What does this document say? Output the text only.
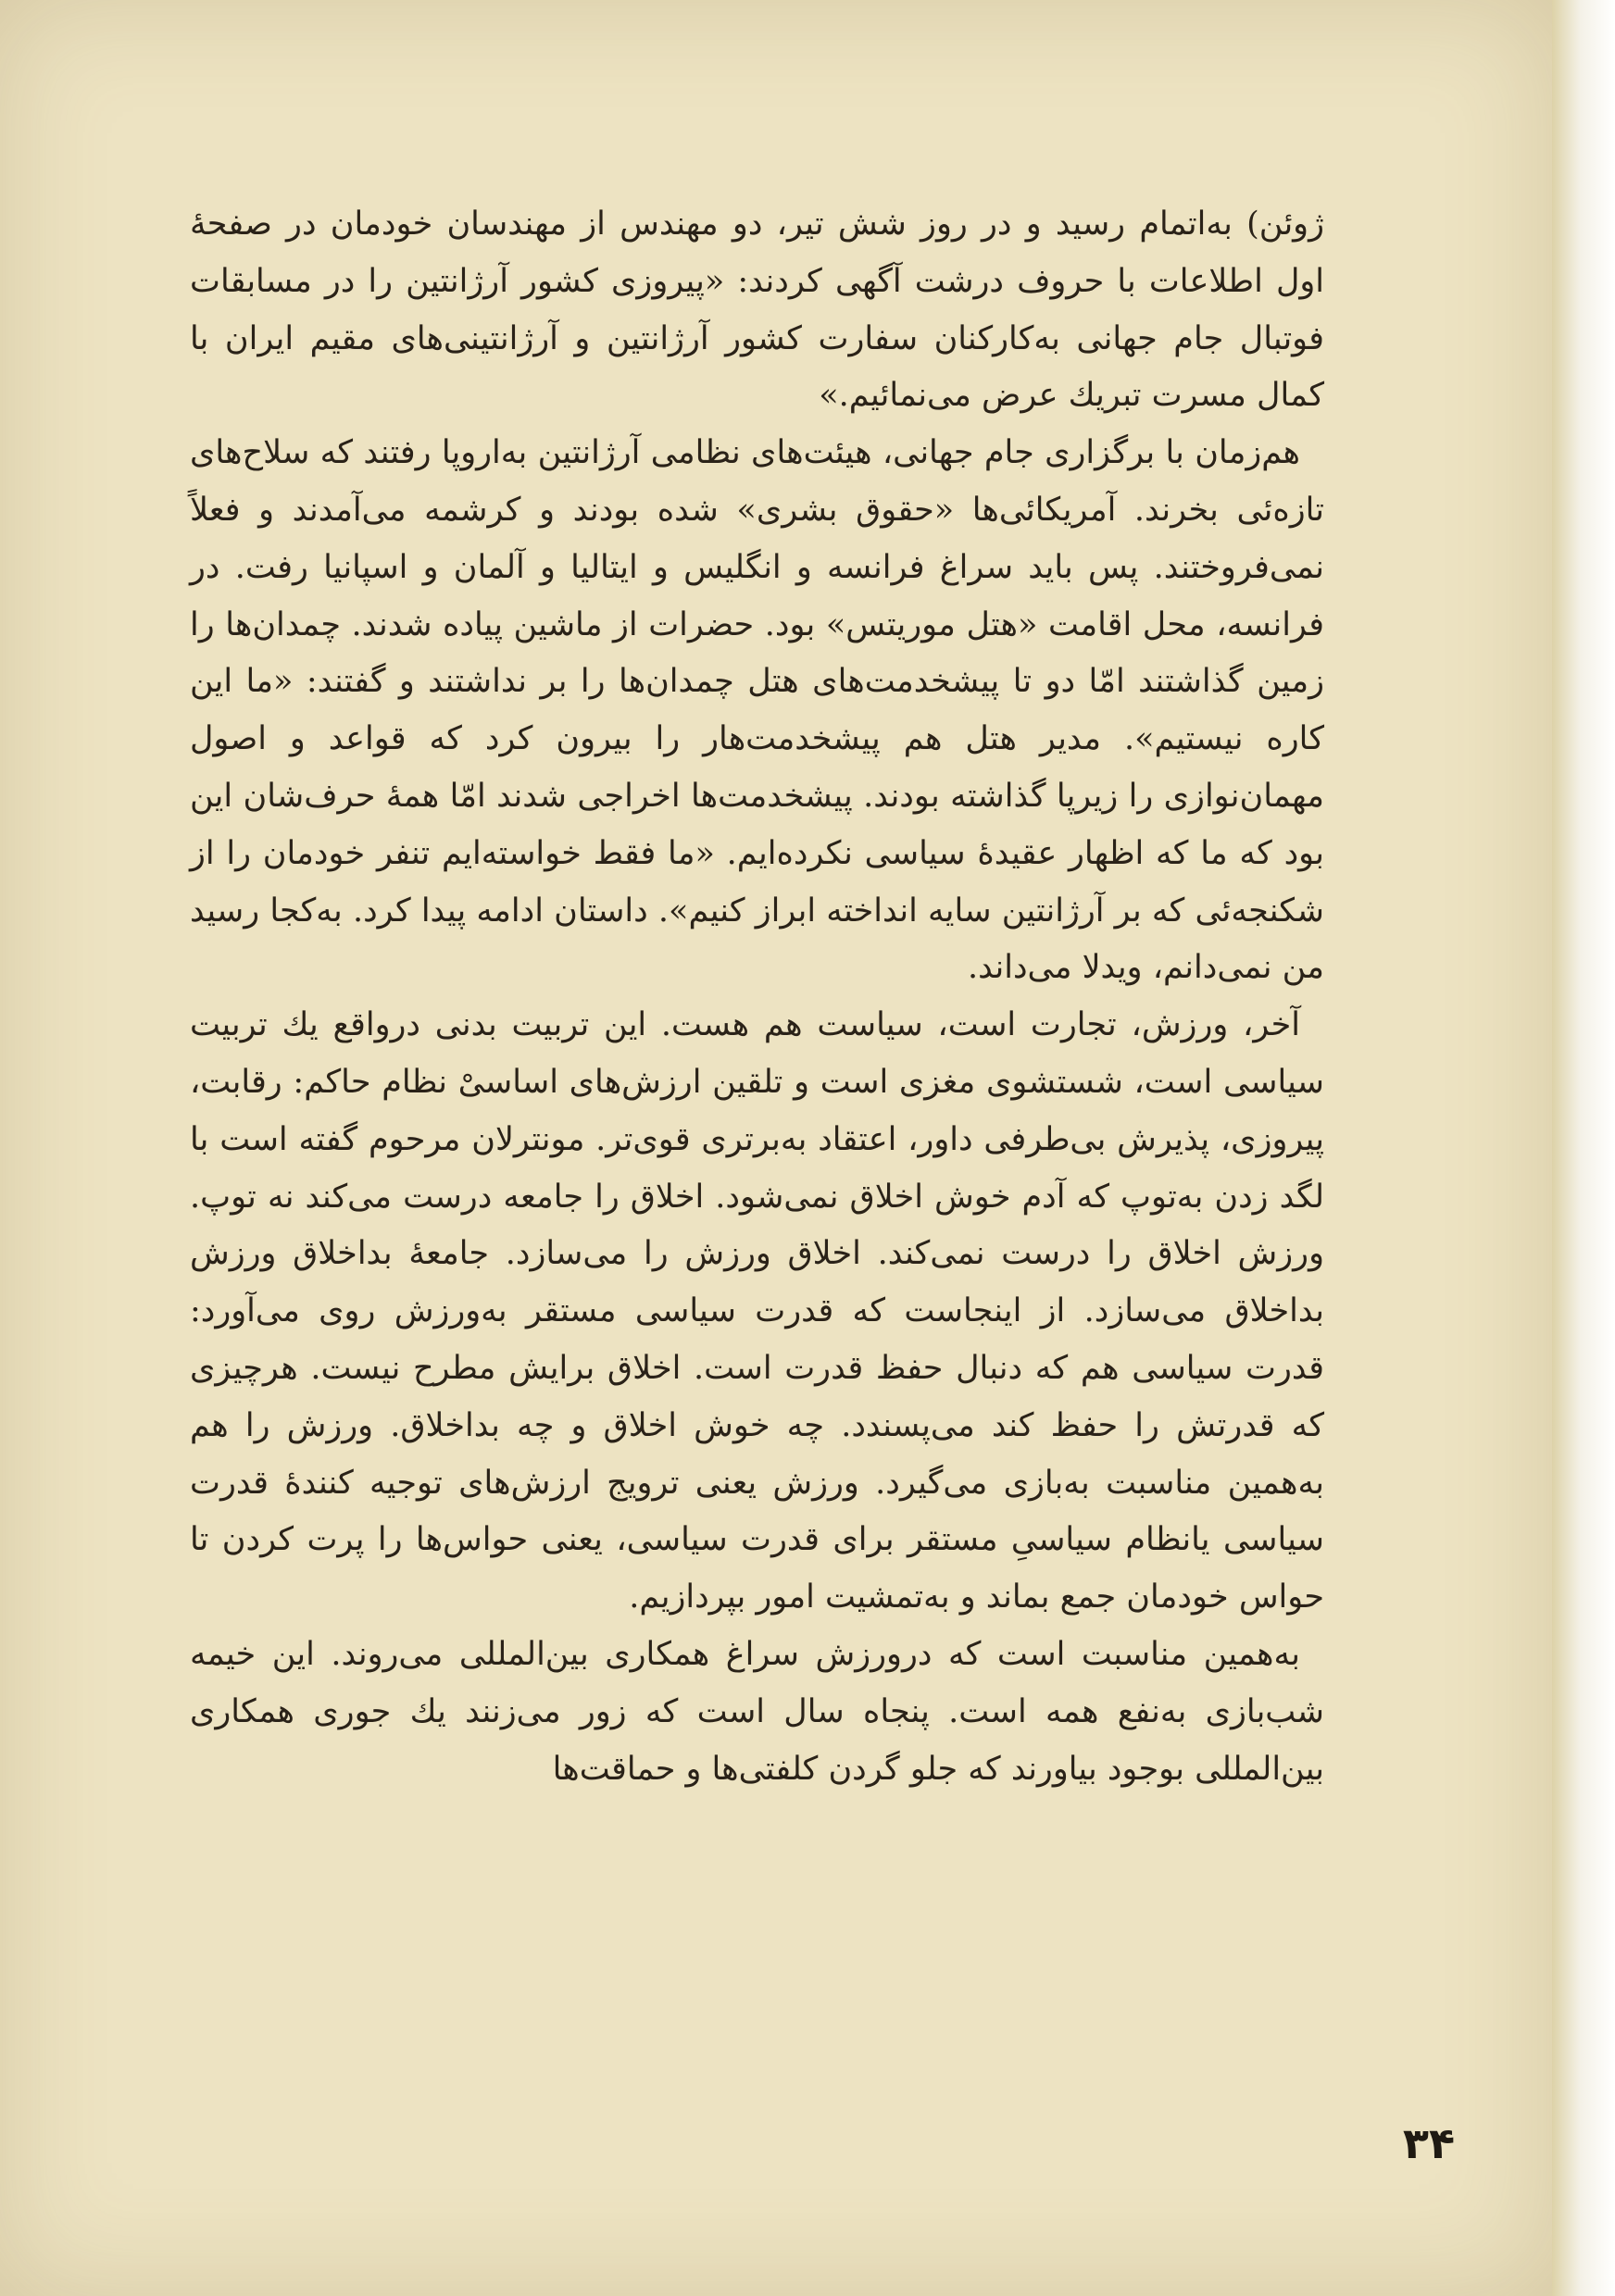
ژوئن) به‌اتمام رسید و در روز شش تیر، دو مهندس از مهندسان خودمان در صفحهٔ اول اطلاعات با حروف درشت آگهی کردند: «پیروزی کشور آرژانتین را در مسابقات فوتبال جام جهانی به‌کارکنان سفارت کشور آرژانتین و آرژانتینی‌های مقیم ایران با کمال مسرت تبریك عرض می‌نمائیم.»

هم‌زمان با برگزاری جام جهانی، هیئت‌های نظامی آرژانتین به‌اروپا رفتند که سلاح‌های تازه‌ئی بخرند. آمریکائی‌ها «حقوق بشری» شده بودند و کرشمه می‌آمدند و فعلاً نمی‌فروختند. پس باید سراغ فرانسه و انگلیس و ایتالیا و آلمان و اسپانیا رفت. در فرانسه، محل اقامت «هتل موریتس» بود. حضرات از ماشین پیاده شدند. چمدان‌ها را زمین گذاشتند امّا دو تا پیشخدمت‌های هتل چمدان‌ها را بر نداشتند و گفتند: «ما این کاره نیستیم». مدیر هتل هم پیشخدمت‌هار را بیرون کرد که قواعد و اصول مهمان‌نوازی را زیرپا گذاشته بودند. پیشخدمت‌ها اخراجی شدند امّا همهٔ حرف‌شان این بود که ما که اظهار عقیدهٔ سیاسی نکرده‌ایم. «ما فقط خواسته‌ایم تنفر خودمان را از شکنجه‌ئی که بر آرژانتین سایه انداخته ابراز کنیم». داستان ادامه پیدا کرد. به‌کجا رسید من نمی‌دانم، ویدلا می‌داند.

آخر، ورزش، تجارت است، سیاست هم هست. این تربیت بدنی درواقع یك تربیت سیاسی است، شستشوی مغزی است و تلقین ارزش‌های اساسیْ نظام حاکم: رقابت، پیروزی، پذیرش بی‌طرفی داور، اعتقاد به‌برتری قوی‌تر. مونترلان مرحوم گفته است با لگد زدن به‌توپ که آدم خوش اخلاق نمی‌شود. اخلاق را جامعه درست می‌کند نه توپ. ورزش اخلاق را درست نمی‌کند. اخلاق ورزش را می‌سازد. جامعهٔ بداخلاق ورزش بداخلاق می‌سازد. از اینجاست که قدرت سیاسی مستقر به‌ورزش روی می‌آورد: قدرت سیاسی هم که دنبال حفظ قدرت است. اخلاق برایش مطرح نیست. هرچیزی که قدرتش را حفظ کند می‌پسندد. چه خوش اخلاق و چه بداخلاق. ورزش را هم به‌همین مناسبت به‌بازی می‌گیرد. ورزش یعنی ترویج ارزش‌های توجیه کنندهٔ قدرت سیاسی یانظام سیاسیِ مستقر برای قدرت سیاسی، یعنی حواس‌ها را پرت کردن تا حواس خودمان جمع بماند و به‌تمشیت امور بپردازیم.

به‌همین مناسبت است که درورزش سراغ همکاری بین‌المللی می‌روند. این خیمه شب‌بازی به‌نفع همه است. پنجاه سال است که زور می‌زنند یك جوری همکاری بین‌المللی بوجود بیاورند که جلو گردن کلفتی‌ها و حماقت‌ها

۳۴
